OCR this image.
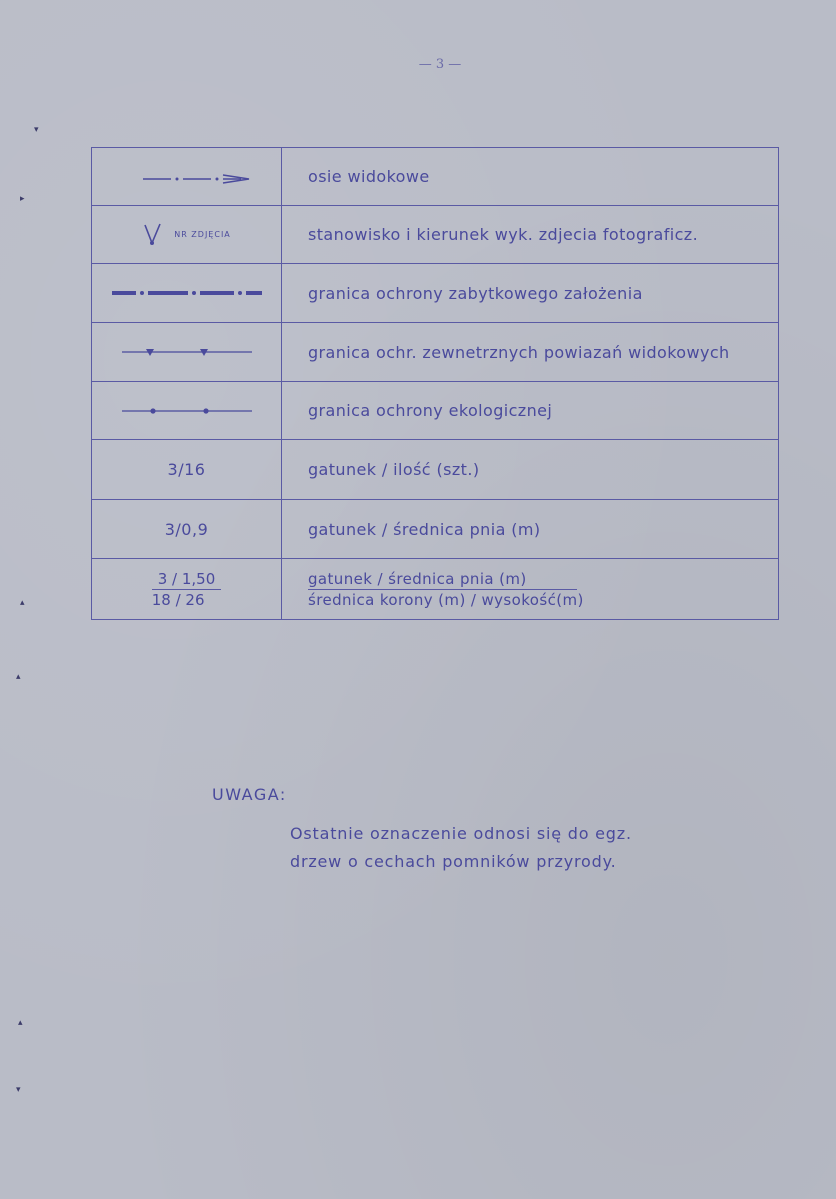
— 3 —
osie widokowe
NR ZDJĘCIA	stanowisko i kierunek wyk. zdjecia fotograficz.
granica ochrony zabytkowego założenia
granica ochr. zewnetrznych powiazań widokowych
granica ochrony ekologicznej
3/16	gatunek / ilość (szt.)
3/0,9	gatunek / średnica pnia (m)
$\frac{3 / 1,50}{18 / 26}$	gatunek / średnica pnia (m)
średnica korony (m) / wysokość(m)
UWAGA:
Ostatnie oznaczenie odnosi się do egz.
drzew o cechach pomników przyrody.
▾
▸
▴
▴
▴
▾
